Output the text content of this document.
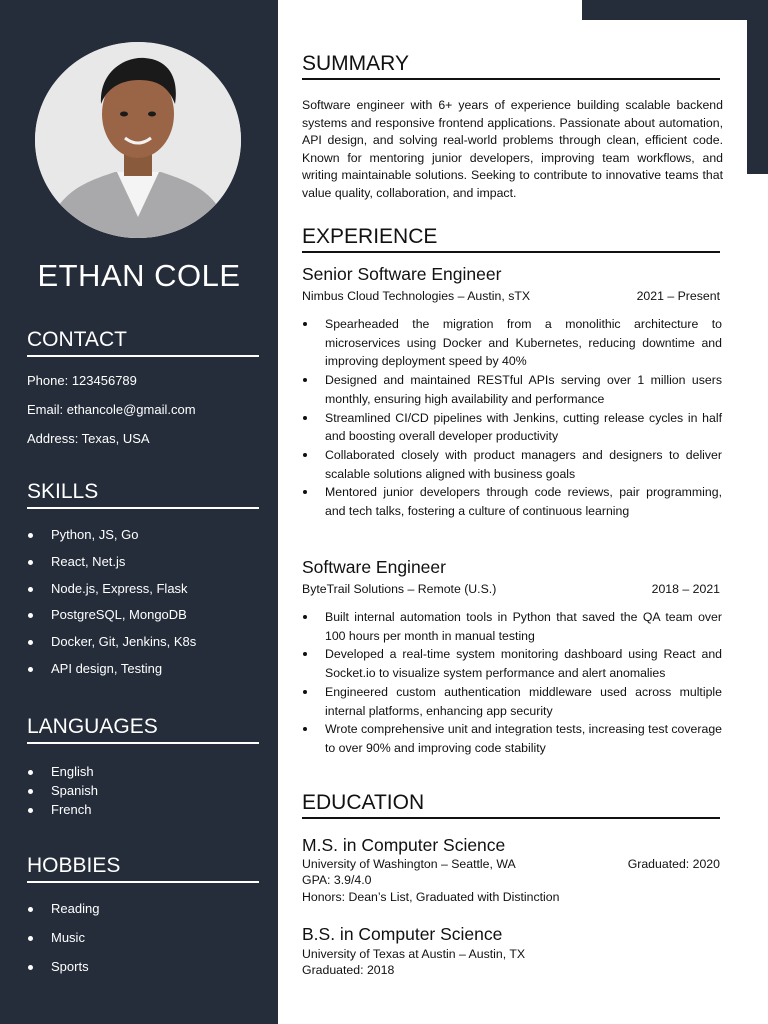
ETHAN COLE
CONTACT
Phone: 123456789
Email: ethancole@gmail.com
Address: Texas, USA
SKILLS
Python, JS, Go
React, Net.js
Node.js, Express, Flask
PostgreSQL, MongoDB
Docker, Git, Jenkins, K8s
API design, Testing
LANGUAGES
English
Spanish
French
HOBBIES
Reading
Music
Sports
SUMMARY

Software engineer with 6+ years of experience building scalable backend systems and responsive frontend applications. Passionate about automation, API design, and solving real-world problems through clean, efficient code. Known for mentoring junior developers, improving team workflows, and writing maintainable solutions. Seeking to contribute to innovative teams that value quality, collaboration, and impact.

EXPERIENCE
Senior Software Engineer
Nimbus Cloud Technologies – Austin, sTX	2021 – Present
Spearheaded the migration from a monolithic architecture to microservices using Docker and Kubernetes, reducing downtime and improving deployment speed by 40%
Designed and maintained RESTful APIs serving over 1 million users monthly, ensuring high availability and performance
Streamlined CI/CD pipelines with Jenkins, cutting release cycles in half and boosting overall developer productivity
Collaborated closely with product managers and designers to deliver scalable solutions aligned with business goals
Mentored junior developers through code reviews, pair programming, and tech talks, fostering a culture of continuous learning
Software Engineer
ByteTrail Solutions – Remote (U.S.)	2018 – 2021
Built internal automation tools in Python that saved the QA team over 100 hours per month in manual testing
Developed a real-time system monitoring dashboard using React and Socket.io to visualize system performance and alert anomalies
Engineered custom authentication middleware used across multiple internal platforms, enhancing app security
Wrote comprehensive unit and integration tests, increasing test coverage to over 90% and improving code stability
EDUCATION
M.S. in Computer Science
University of Washington – Seattle, WA	Graduated: 2020
GPA: 3.9/4.0
Honors: Dean’s List, Graduated with Distinction
B.S. in Computer Science
University of Texas at Austin – Austin, TX
Graduated: 2018
